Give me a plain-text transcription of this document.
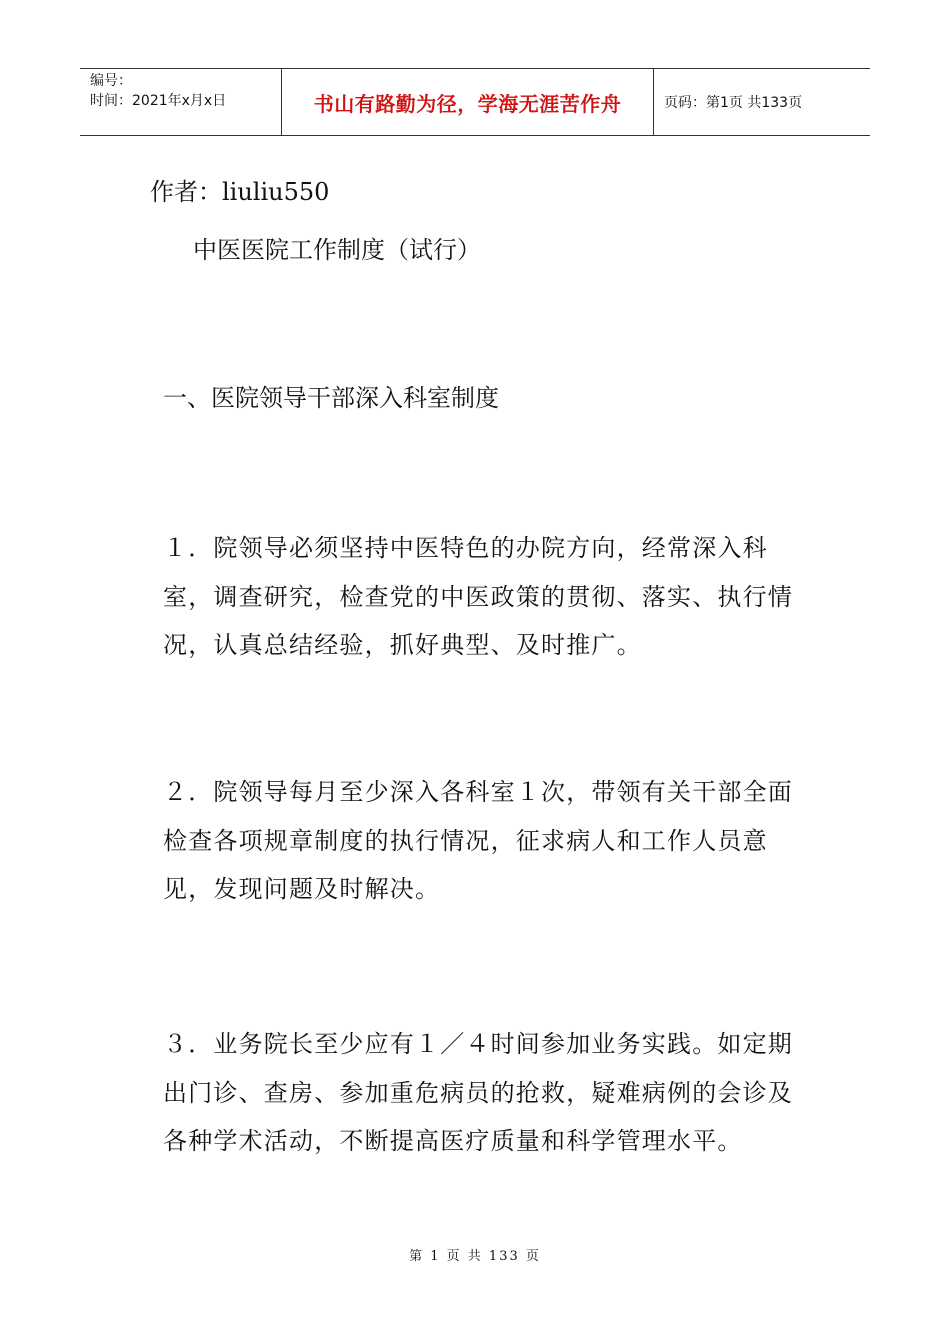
编号：
时间：2021年x月x日	书山有路勤为径，学海无涯苦作舟	页码：第1页 共133页
作者：liuliu550
中医医院工作制度（试行）
一、医院领导干部深入科室制度

１．院领导必须坚持中医特色的办院方向，经常深入科室，调查研究，检查党的中医政策的贯彻、落实、执行情况，认真总结经验，抓好典型、及时推广。

２．院领导每月至少深入各科室１次，带领有关干部全面检查各项规章制度的执行情况，征求病人和工作人员意见，发现问题及时解决。

３．业务院长至少应有１／４时间参加业务实践。如定期出门诊、查房、参加重危病员的抢救，疑难病例的会诊及各种学术活动，不断提高医疗质量和科学管理水平。

第 1 页 共 133 页
